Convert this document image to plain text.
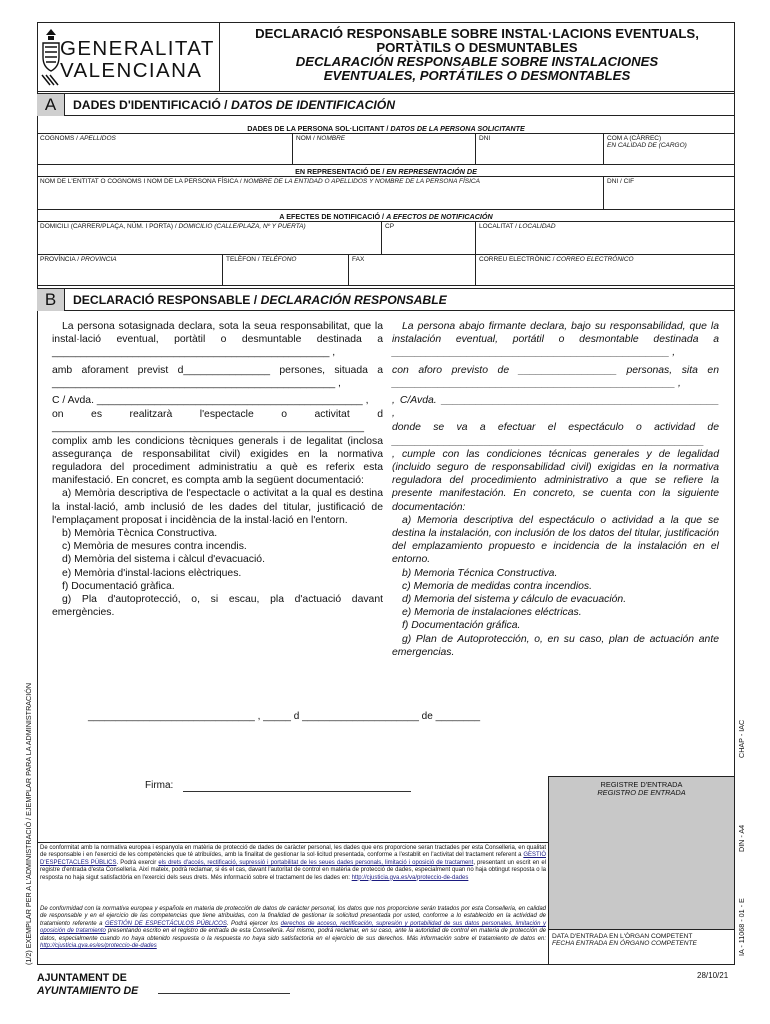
GENERALITAT
VALENCIANA
DECLARACIÓ RESPONSABLE SOBRE INSTAL·LACIONS EVENTUALS,
PORTÀTILS O DESMUNTABLES
DECLARACIÓN RESPONSABLE SOBRE INSTALACIONES
EVENTUALES, PORTÁTILES O DESMONTABLES
A	DADES D'IDENTIFICACIÓ / DATOS DE IDENTIFICACIÓN
DADES DE LA PERSONA SOL·LICITANT / DATOS DE LA PERSONA SOLICITANTE
COGNOMS / APELLIDOS	NOM / NOMBRE	DNI	COM A (CÀRREC)
EN CALIDAD DE (CARGO)
EN REPRESENTACIÓ DE / EN REPRESENTACIÓN DE
NOM DE L'ENTITAT O COGNOMS I NOM DE LA PERSONA FÍSICA / NOMBRE DE LA ENTIDAD O APELLIDOS Y NOMBRE DE LA PERSONA FÍSICA	DNI / CIF
A EFECTES DE NOTIFICACIÓ / A EFECTOS DE NOTIFICACIÓN
DOMICILI (CARRER/PLAÇA, NÚM. I PORTA) / DOMICILIO (CALLE/PLAZA, Nº Y PUERTA)	CP	LOCALITAT / LOCALIDAD
PROVÍNCIA / PROVINCIA	TELÈFON / TELÉFONO	FAX	CORREU ELECTRÒNIC / CORREO ELECTRÓNICO
B	DECLARACIÓ RESPONSABLE / DECLARACIÓN RESPONSABLE

La persona sotasignada declara, sota la seua responsabilitat, que la instal·lació eventual, portàtil o desmuntable destinada a ________________________________________________ ,

amb aforament previst d_______________ persones, situada a _________________________________________________ ,

C / Avda. ______________________________________________ ,

on es realitzarà l'espectacle o activitat d ______________________________________________________

complix amb les condicions tècniques generals i de legalitat (inclosa assegurança de responsabilitat civil) exigides en la normativa reguladora del procediment administratiu a què es referix esta manifestació. En concret, es compta amb la següent documentació:

a) Memòria descriptiva de l'espectacle o activitat a la qual es destina la instal·lació, amb inclusió de les dades del titular, justificació de l'emplaçament proposat i incidència de la instal·lació en l'entorn.

b) Memòria Tècnica Constructiva.

c) Memòria de mesures contra incendis.

d) Memòria del sistema i càlcul d'evacuació.

e) Memòria d'instal·lacions elèctriques.

f) Documentació gràfica.

g) Pla d'autoprotecció, o, si escau, pla d'actuació davant emergències.

La persona abajo firmante declara, bajo su responsabilidad, que la instalación eventual, portátil o desmontable destinada a ________________________________________________ ,

con aforo previsto de _________________ personas, sita en _________________________________________________ ,

, C/Avda. ________________________________________________ ,

donde se va a efectuar el espectáculo o actividad de ______________________________________________________

, cumple con las condiciones técnicas generales y de legalidad (incluido seguro de responsabilidad civil) exigidas en la normativa reguladora del procedimiento administrativo a que se refiere la presente manifestación. En concreto, se cuenta con la siguiente documentación:

a) Memoria descriptiva del espectáculo o actividad a la que se destina la instalación, con inclusión de los datos del titular, justificación del emplazamiento propuesto e incidencia de la instalación en el entorno.

b) Memoria Técnica Constructiva.

c) Memoria de medidas contra incendios.

d) Memoria del sistema y cálculo de evacuación.

e) Memoria de instalaciones eléctricas.

f) Documentación gráfica.

g) Plan de Autoprotección, o, en su caso, plan de actuación ante emergencias.

______________________________ , _____ d _____________________ de ________
Firma:	REGISTRE D'ENTRADA
REGISTRO DE ENTRADA
DATA D'ENTRADA EN L'ÒRGAN COMPETENT
FECHA ENTRADA EN ÓRGANO COMPETENTE
De conformitat amb la normativa europea i espanyola en matèria de protecció de dades de caràcter personal, les dades que ens proporcione seran tractades per esta Conselleria, en qualitat de responsable i en l'exercici de les competències que té atribuïdes, amb la finalitat de gestionar la sol·licitud presentada, conforme a l'establit en l'activitat del tractament referent a GESTIÓ D'ESPECTACLES PÚBLICS. Podrà exercir els drets d'accés, rectificació, supressió i portabilitat de les seues dades personals, limitació i oposició de tractament, presentant un escrit en el registre d'entrada d'esta Conselleria. Així mateix, podrà reclamar, si és el cas, davant l'autoritat de control en matèria de protecció de dades, especialment quan no haja obtingut resposta o la resposta no haja sigut satisfactòria en l'exercici dels seus drets. Més informació sobre el tractament de les dades en: http://cjusticia.gva.es/va/proteccio-de-dades
De conformidad con la normativa europea y española en materia de protección de datos de carácter personal, los datos que nos proporcione serán tratados por esta Conselleria, en calidad de responsable y en el ejercicio de las competencias que tiene atribuidas, con la finalidad de gestionar la solicitud presentada por usted, conforme a lo establecido en la actividad de tratamiento referente a GESTIÓN DE ESPECTÁCULOS PÚBLICOS. Podrá ejercer los derechos de acceso, rectificación, supresión y portabilidad de sus datos personales, limitación y oposición de tratamiento presentando escrito en el registro de entrada de esta Conselleria. Así mismo, podrá reclamar, en su caso, ante la autoridad de control en materia de protección de datos, especialmente cuando no haya obtenido respuesta o la respuesta no haya sido satisfactoria en el ejercicio de sus derechos. Más información sobre el tratamiento de datos en: http://cjusticia.gva.es/es/proteccio-de-dades
AJUNTAMENT DE
AYUNTAMIENTO DE
28/10/21
(1/2) EXEMPLAR PER A L'ADMINISTRACIÓ / EJEMPLAR PARA LA ADMINISTRACIÓN	CHAP - IAC
DIN - A4
IA - 11068 - 01 - E
